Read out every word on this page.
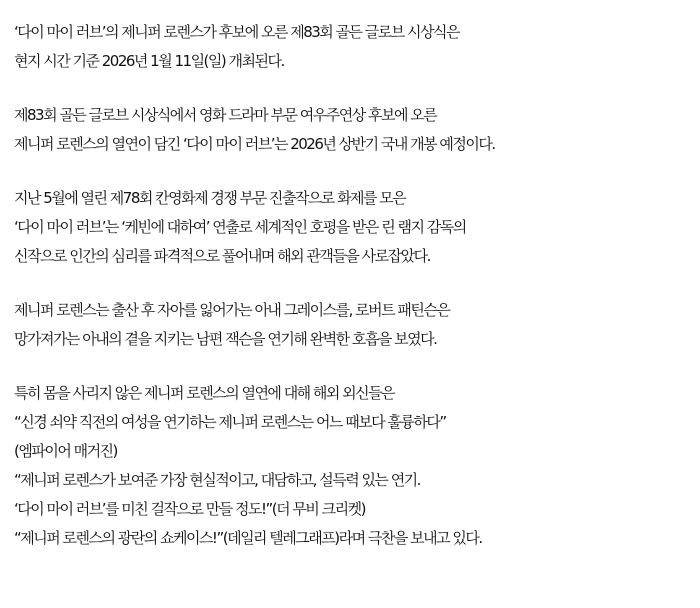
‘다이 마이 러브’의 제니퍼 로렌스가 후보에 오른 제83회 골든 글로브 시상식은
현지 시간 기준 2026년 1월 11일(일) 개최된다.
제83회 골든 글로브 시상식에서 영화 드라마 부문 여우주연상 후보에 오른
제니퍼 로렌스의 열연이 담긴 ‘다이 마이 러브’는 2026년 상반기 국내 개봉 예정이다.
지난 5월에 열린 제78회 칸영화제 경쟁 부문 진출작으로 화제를 모은
‘다이 마이 러브’는 ‘케빈에 대하여’ 연출로 세계적인 호평을 받은 린 램지 감독의
신작으로 인간의 심리를 파격적으로 풀어내며 해외 관객들을 사로잡았다.
제니퍼 로렌스는 출산 후 자아를 잃어가는 아내 그레이스를, 로버트 패틴슨은
망가져가는 아내의 곁을 지키는 남편 잭슨을 연기해 완벽한 호흡을 보였다.
특히 몸을 사리지 않은 제니퍼 로렌스의 열연에 대해 해외 외신들은
“신경 쇠약 직전의 여성을 연기하는 제니퍼 로렌스는 어느 때보다 훌륭하다”
(엠파이어 매거진)
“제니퍼 로렌스가 보여준 가장 현실적이고, 대담하고, 설득력 있는 연기.
‘다이 마이 러브’를 미친 걸작으로 만들 정도!”(더 무비 크리켓)
“제니퍼 로렌스의 광란의 쇼케이스!”(데일리 텔레그래프)라며 극찬을 보내고 있다.
